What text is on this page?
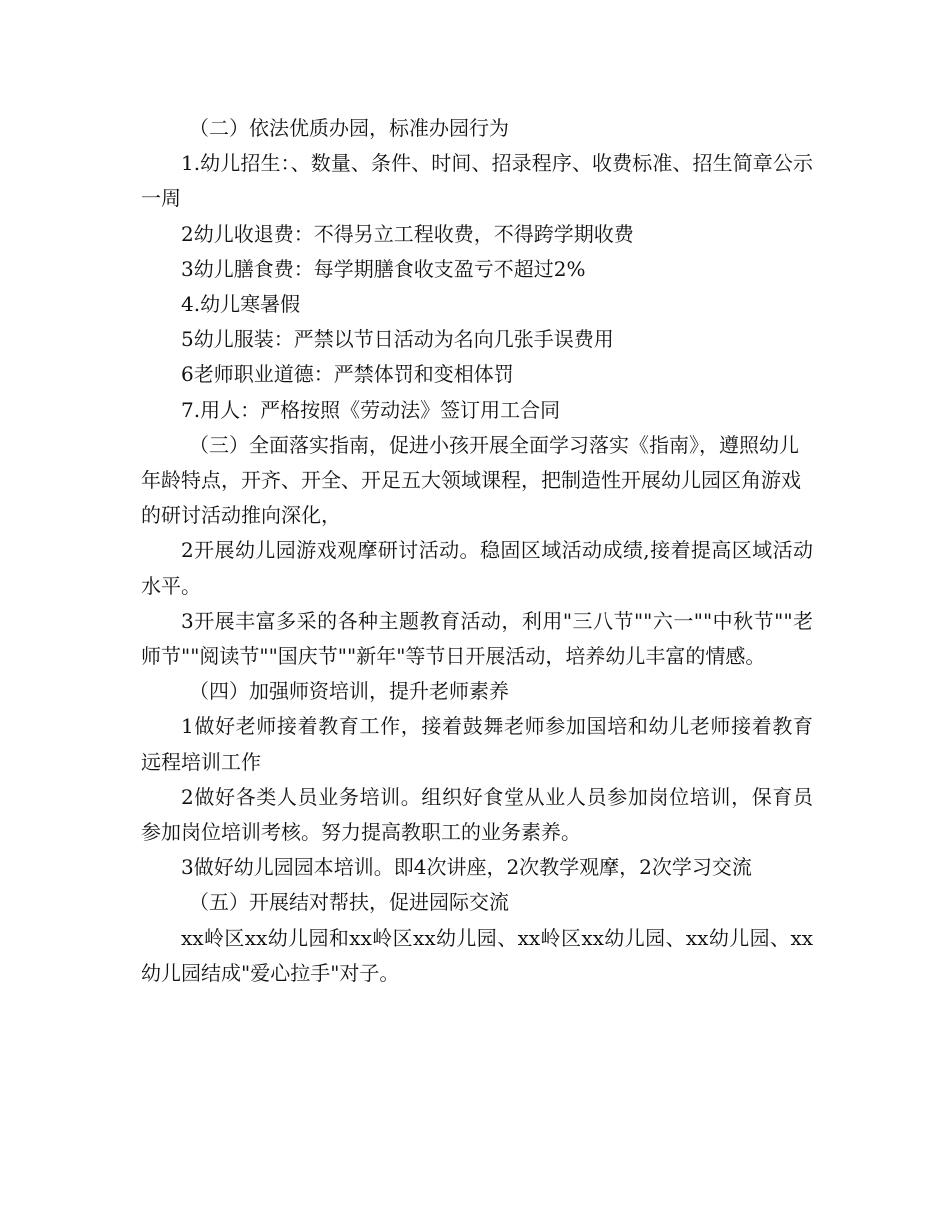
（二）依法优质办园，标准办园行为

1.幼儿招生：、数量、条件、时间、招录程序、收费标准、招生简章公示一周

2幼儿收退费：不得另立工程收费，不得跨学期收费

3幼儿膳食费：每学期膳食收支盈亏不超过2%

4.幼儿寒暑假

5幼儿服装：严禁以节日活动为名向几张手误费用

6老师职业道德：严禁体罚和变相体罚

7.用人：严格按照《劳动法》签订用工合同

（三）全面落实指南，促进小孩开展全面学习落实《指南》，遵照幼儿年龄特点，开齐、开全、开足五大领域课程，把制造性开展幼儿园区角游戏的研讨活动推向深化，

2开展幼儿园游戏观摩研讨活动。稳固区域活动成绩,接着提高区域活动水平。

3开展丰富多采的各种主题教育活动，利用"三八节""六一""中秋节""老师节""阅读节""国庆节""新年"等节日开展活动，培养幼儿丰富的情感。

（四）加强师资培训，提升老师素养

1做好老师接着教育工作，接着鼓舞老师参加国培和幼儿老师接着教育远程培训工作

2做好各类人员业务培训。组织好食堂从业人员参加岗位培训，保育员参加岗位培训考核。努力提高教职工的业务素养。

3做好幼儿园园本培训。即4次讲座，2次教学观摩，2次学习交流

（五）开展结对帮扶，促进园际交流

xx岭区xx幼儿园和xx岭区xx幼儿园、xx岭区xx幼儿园、xx幼儿园、xx幼儿园结成"爱心拉手"对子。
